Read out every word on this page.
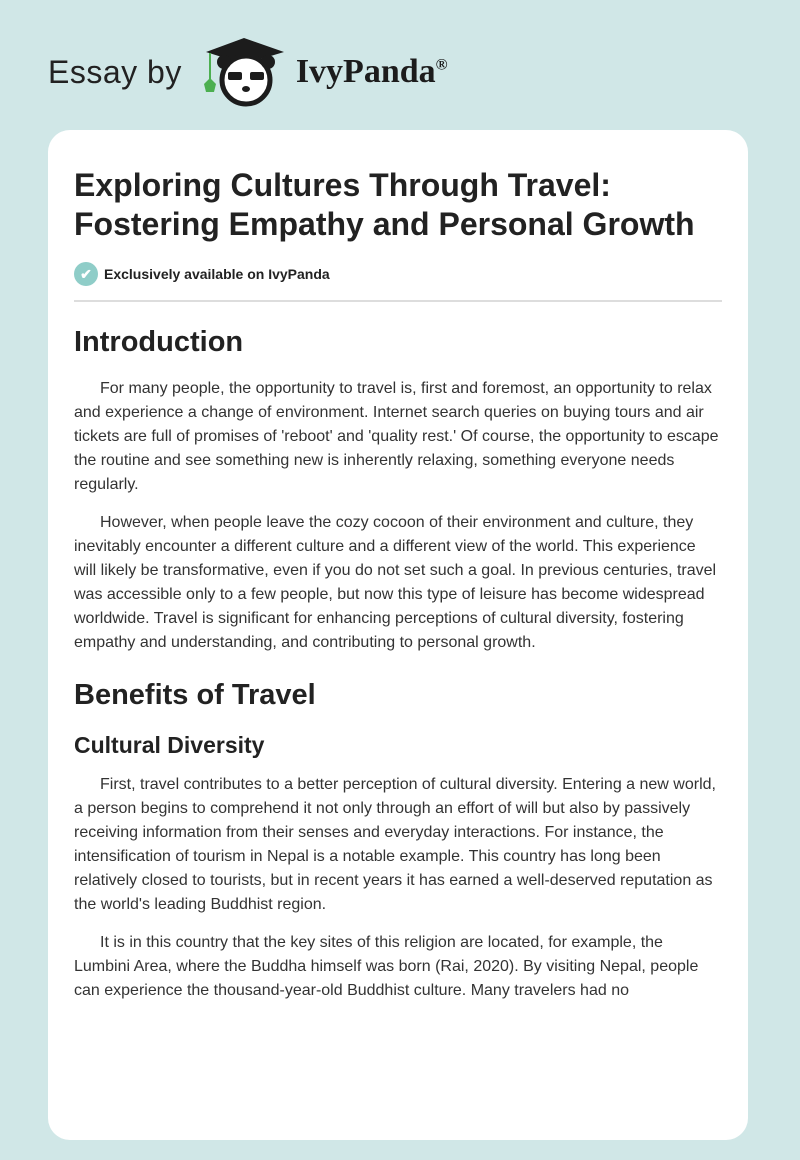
Essay by	IvyPanda®
Exploring Cultures Through Travel: Fostering Empathy and Personal Growth
✔ Exclusively available on IvyPanda
Introduction

For many people, the opportunity to travel is, first and foremost, an opportunity to relax and experience a change of environment. Internet search queries on buying tours and air tickets are full of promises of 'reboot' and 'quality rest.' Of course, the opportunity to escape the routine and see something new is inherently relaxing, something everyone needs regularly.

However, when people leave the cozy cocoon of their environment and culture, they inevitably encounter a different culture and a different view of the world. This experience will likely be transformative, even if you do not set such a goal. In previous centuries, travel was accessible only to a few people, but now this type of leisure has become widespread worldwide. Travel is significant for enhancing perceptions of cultural diversity, fostering empathy and understanding, and contributing to personal growth.

Benefits of Travel
Cultural Diversity

First, travel contributes to a better perception of cultural diversity. Entering a new world, a person begins to comprehend it not only through an effort of will but also by passively receiving information from their senses and everyday interactions. For instance, the intensification of tourism in Nepal is a notable example. This country has long been relatively closed to tourists, but in recent years it has earned a well-deserved reputation as the world's leading Buddhist region.

It is in this country that the key sites of this religion are located, for example, the Lumbini Area, where the Buddha himself was born (Rai, 2020). By visiting Nepal, people can experience the thousand-year-old Buddhist culture. Many travelers had no
